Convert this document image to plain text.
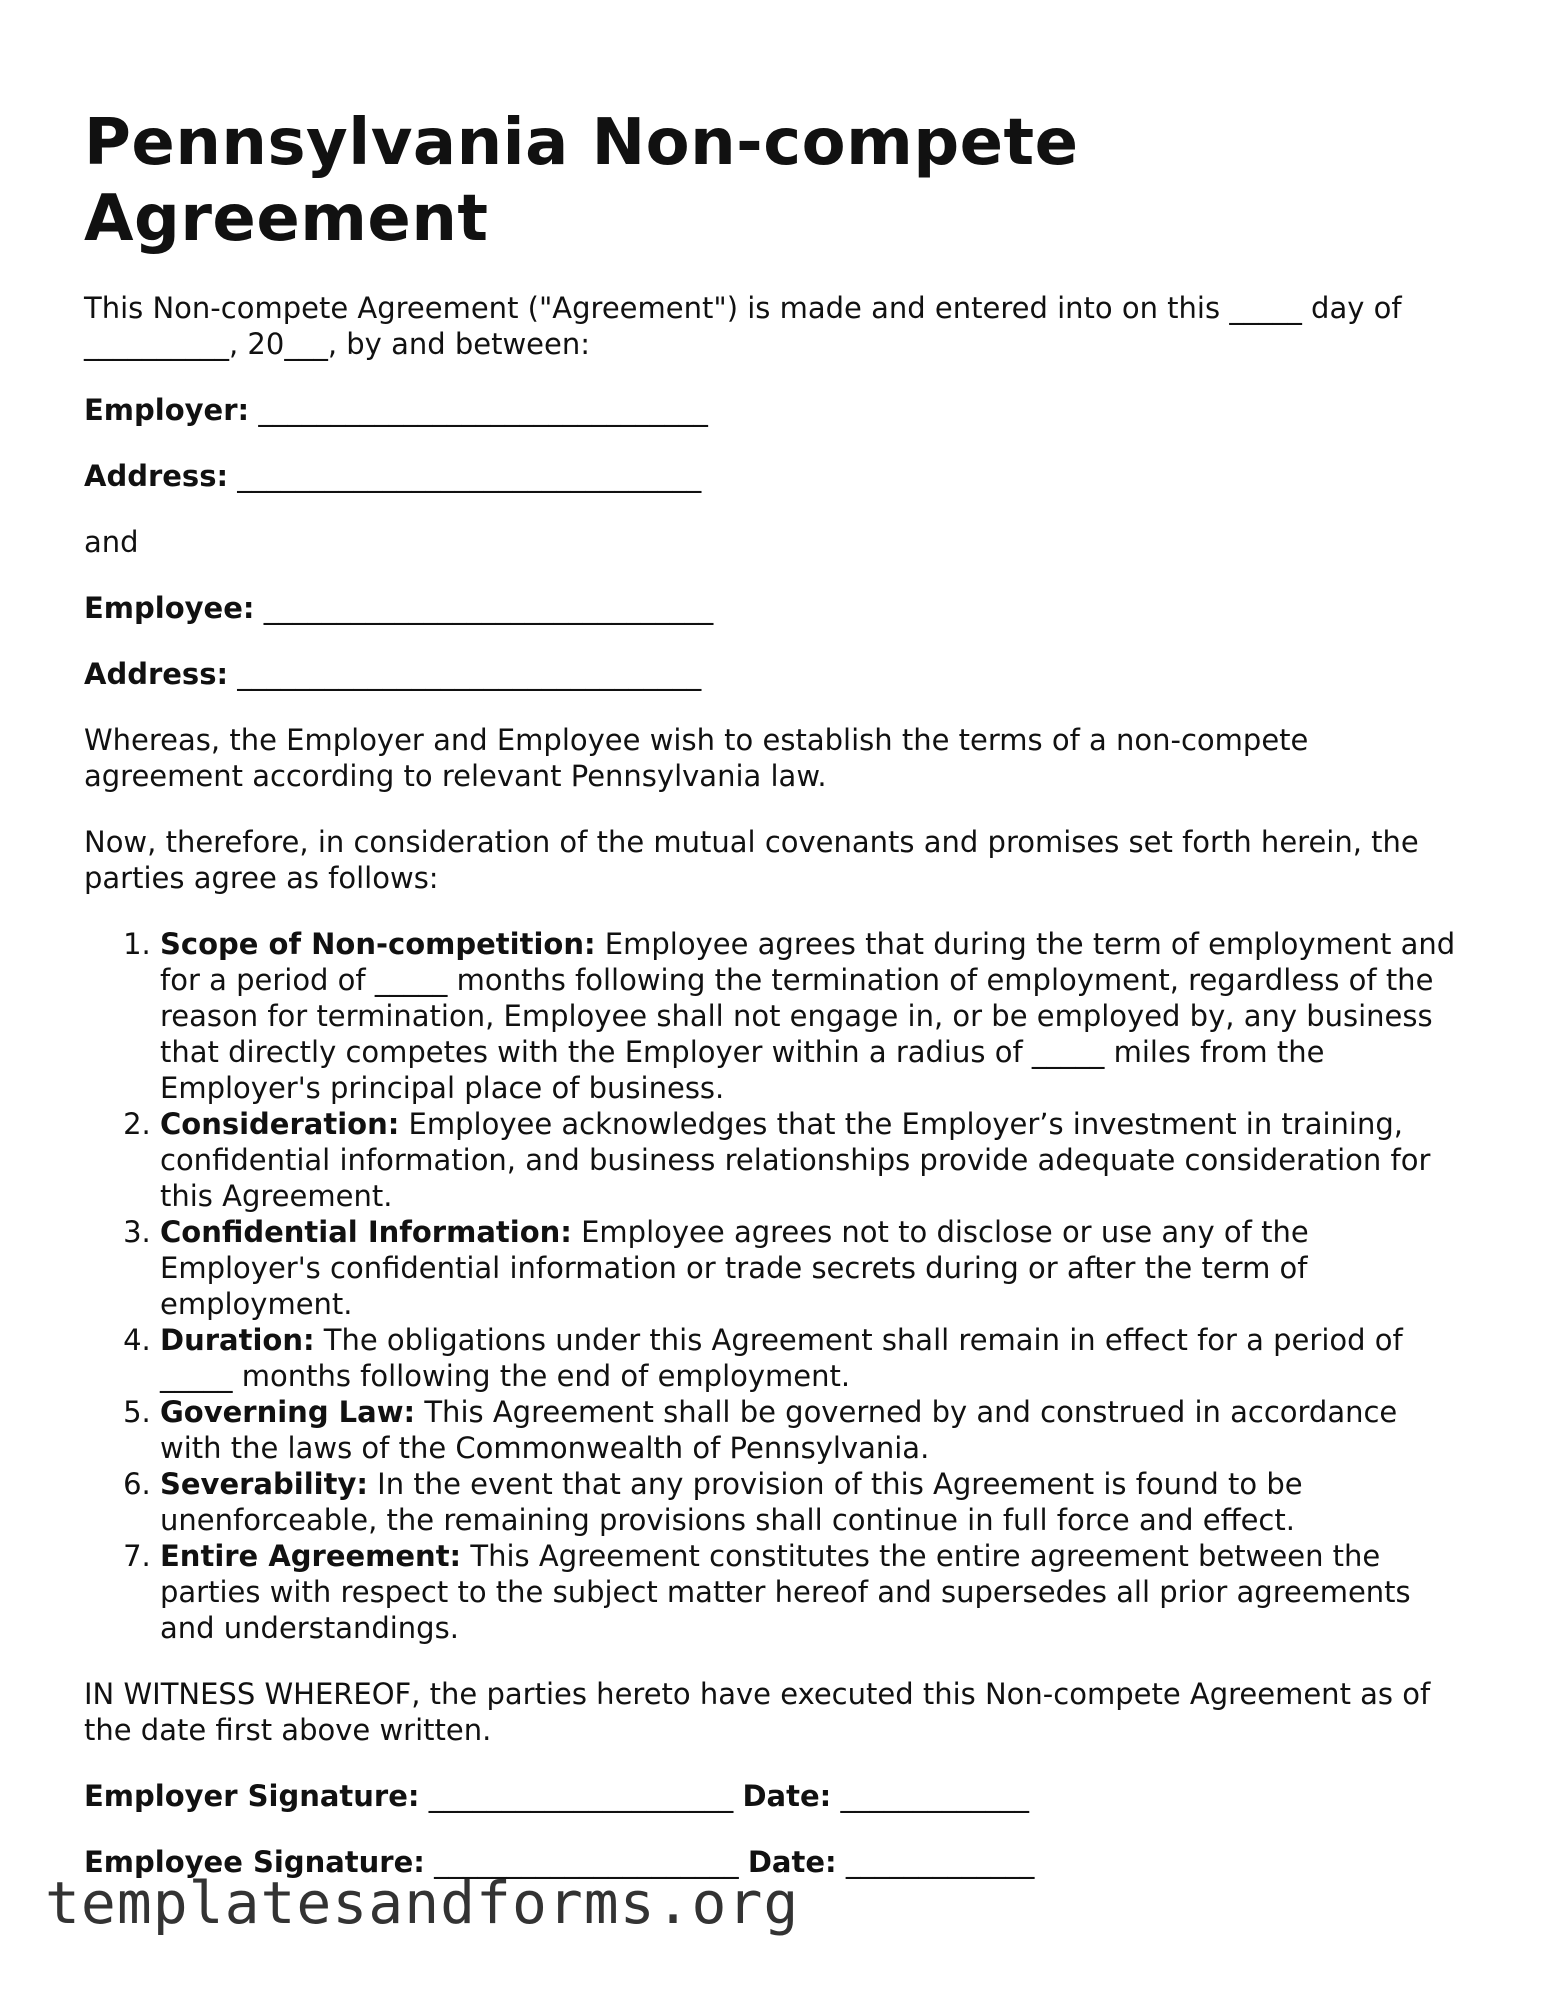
Pennsylvania Non-compete Agreement

This Non-compete Agreement ("Agreement") is made and entered into on this _____ day of __________, 20___, by and between:

Employer: _______________________________

Address: ________________________________

and

Employee: _______________________________

Address: ________________________________

Whereas, the Employer and Employee wish to establish the terms of a non-compete agreement according to relevant Pennsylvania law.

Now, therefore, in consideration of the mutual covenants and promises set forth herein, the parties agree as follows:

1. Scope of Non-competition: Employee agrees that during the term of employment and for a period of _____ months following the termination of employment, regardless of the reason for termination, Employee shall not engage in, or be employed by, any business that directly competes with the Employer within a radius of _____ miles from the Employer's principal place of business.
2. Consideration: Employee acknowledges that the Employer’s investment in training, confidential information, and business relationships provide adequate consideration for this Agreement.
3. Confidential Information: Employee agrees not to disclose or use any of the Employer's confidential information or trade secrets during or after the term of employment.
4. Duration: The obligations under this Agreement shall remain in effect for a period of _____ months following the end of employment.
5. Governing Law: This Agreement shall be governed by and construed in accordance with the laws of the Commonwealth of Pennsylvania.
6. Severability: In the event that any provision of this Agreement is found to be unenforceable, the remaining provisions shall continue in full force and effect.
7. Entire Agreement: This Agreement constitutes the entire agreement between the parties with respect to the subject matter hereof and supersedes all prior agreements and understandings.

IN WITNESS WHEREOF, the parties hereto have executed this Non-compete Agreement as of the date first above written.

Employer Signature: _____________________ Date: _____________

Employee Signature: _____________________ Date: _____________

templatesandforms.org
